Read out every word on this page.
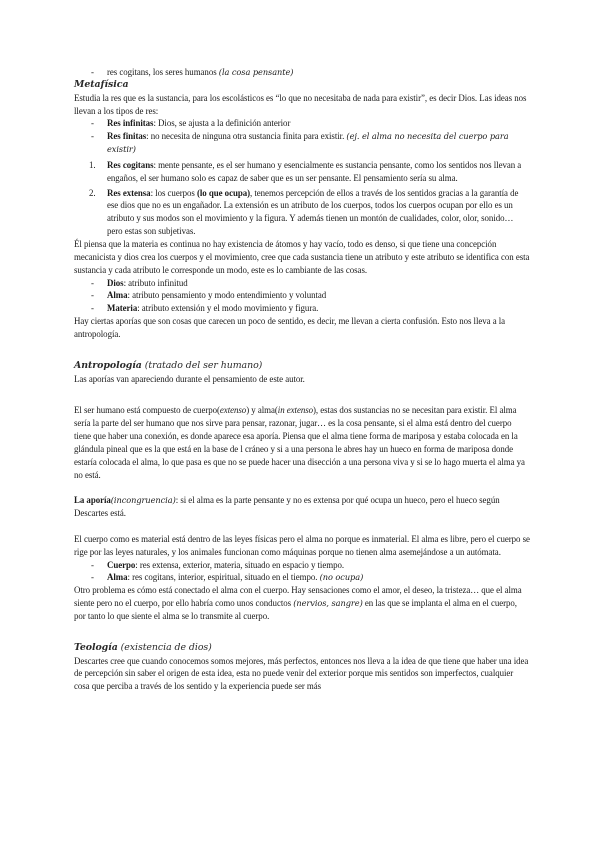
- res cogitans, los seres humanos (la cosa pensante)

Metafísica

Estudia la res que es la sustancia, para los escolásticos es “lo que no necesitaba de nada para existir”, es decir Dios. Las ideas nos llevan a los tipos de res:

- Res infinitas: Dios, se ajusta a la definición anterior
- Res finitas: no necesita de ninguna otra sustancia finita para existir. (ej. el alma no necesita del cuerpo para existir)
1. Res cogitans: mente pensante, es el ser humano y esencialmente es sustancia pensante, como los sentidos nos llevan a engaños, el ser humano solo es capaz de saber que es un ser pensante. El pensamiento sería su alma.
2. Res extensa: los cuerpos (lo que ocupa), tenemos percepción de ellos a través de los sentidos gracias a la garantía de ese dios que no es un engañador. La extensión es un atributo de los cuerpos, todos los cuerpos ocupan por ello es un atributo y sus modos son el movimiento y la figura. Y además tienen un montón de cualidades, color, olor, sonido… pero estas son subjetivas.

Él piensa que la materia es continua no hay existencia de átomos y hay vacío, todo es denso, si que tiene una concepción mecanicista y dios crea los cuerpos y el movimiento, cree que cada sustancia tiene un atributo y este atributo se identifica con esta sustancia y cada atributo le corresponde un modo, este es lo cambiante de las cosas.

- Dios: atributo infinitud
- Alma: atributo pensamiento y modo entendimiento y voluntad
- Materia: atributo extensión y el modo movimiento y figura.

Hay ciertas aporías que son cosas que carecen un poco de sentido, es decir, me llevan a cierta confusión. Esto nos lleva a la antropología.

Antropología (tratado del ser humano)

Las aporías van apareciendo durante el pensamiento de este autor.

El ser humano está compuesto de cuerpo(extenso) y alma(in extenso), estas dos sustancias no se necesitan para existir. El alma sería la parte del ser humano que nos sirve para pensar, razonar, jugar… es la cosa pensante, si el alma está dentro del cuerpo tiene que haber una conexión, es donde aparece esa aporía. Piensa que el alma tiene forma de mariposa y estaba colocada en la glándula pineal que es la que está en la base de l cráneo y si a una persona le abres hay un hueco en forma de mariposa donde estaría colocada el alma, lo que pasa es que no se puede hacer una disección a una persona viva y si se lo hago muerta el alma ya no está.

La aporía(incongruencia): si el alma es la parte pensante y no es extensa por qué ocupa un hueco, pero el hueco según Descartes está.

El cuerpo como es material está dentro de las leyes físicas pero el alma no porque es inmaterial. El alma es libre, pero el cuerpo se rige por las leyes naturales, y los animales funcionan como máquinas porque no tienen alma asemejándose a un autómata.

- Cuerpo: res extensa, exterior, materia, situado en espacio y tiempo.
- Alma: res cogitans, interior, espiritual, situado en el tiempo. (no ocupa)

Otro problema es cómo está conectado el alma con el cuerpo. Hay sensaciones como el amor, el deseo, la tristeza… que el alma siente pero no el cuerpo, por ello habría como unos conductos (nervios, sangre) en las que se implanta el alma en el cuerpo, por tanto lo que siente el alma se lo transmite al cuerpo.

Teología (existencia de dios)

Descartes cree que cuando conocemos somos mejores, más perfectos, entonces nos lleva a la idea de que tiene que haber una idea de percepción sin saber el origen de esta idea, esta no puede venir del exterior porque mis sentidos son imperfectos, cualquier cosa que perciba a través de los sentido y la experiencia puede ser más
